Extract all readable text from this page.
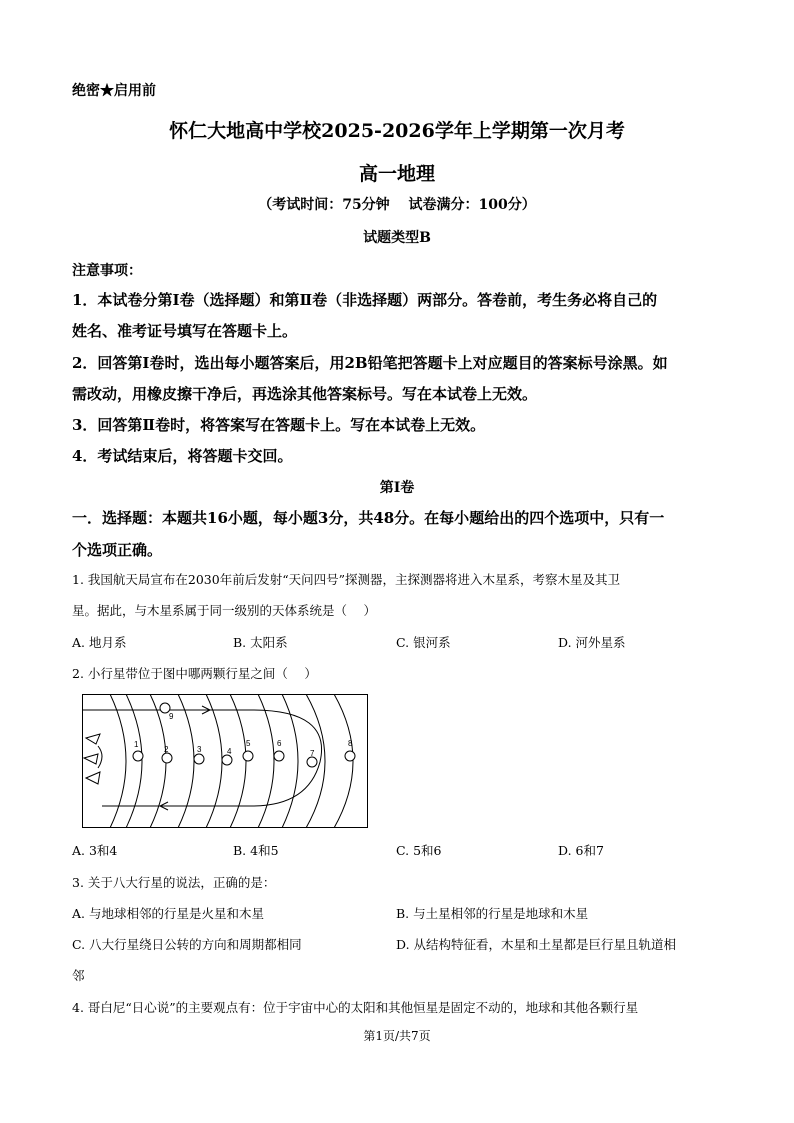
绝密★启用前
怀仁大地高中学校2025-2026学年上学期第一次月考
高一地理
（考试时间：75分钟　 试卷满分：100分）
试题类型B
注意事项：
1．本试卷分第Ⅰ卷（选择题）和第Ⅱ卷（非选择题）两部分。答卷前，考生务必将自己的
姓名、准考证号填写在答题卡上。
2．回答第Ⅰ卷时，选出每小题答案后，用2B铅笔把答题卡上对应题目的答案标号涂黑。如
需改动，用橡皮擦干净后，再选涂其他答案标号。写在本试卷上无效。
3．回答第Ⅱ卷时，将答案写在答题卡上。写在本试卷上无效。
4．考试结束后，将答题卡交回。
第Ⅰ卷
一．选择题：本题共16小题，每小题3分，共48分。在每小题给出的四个选项中，只有一
个选项正确。
1. 我国航天局宣布在2030年前后发射“天问四号”探测器，主探测器将进入木星系，考察木星及其卫
星。据此，与木星系属于同一级别的天体系统是（　 ）
A. 地月系	B. 太阳系	C. 银河系	D. 河外星系
2. 小行星带位于图中哪两颗行星之间（　 ）
1
2	3	4
5	6
7
8
9
A. 3和4	B. 4和5	C. 5和6	D. 6和7
3. 关于八大行星的说法，正确的是：
A. 与地球相邻的行星是火星和木星	B. 与土星相邻的行星是地球和木星
C. 八大行星绕日公转的方向和周期都相同	D. 从结构特征看，木星和土星都是巨行星且轨道相
邻
4. 哥白尼“日心说”的主要观点有：位于宇宙中心的太阳和其他恒星是固定不动的，地球和其他各颗行星
第1页/共7页
